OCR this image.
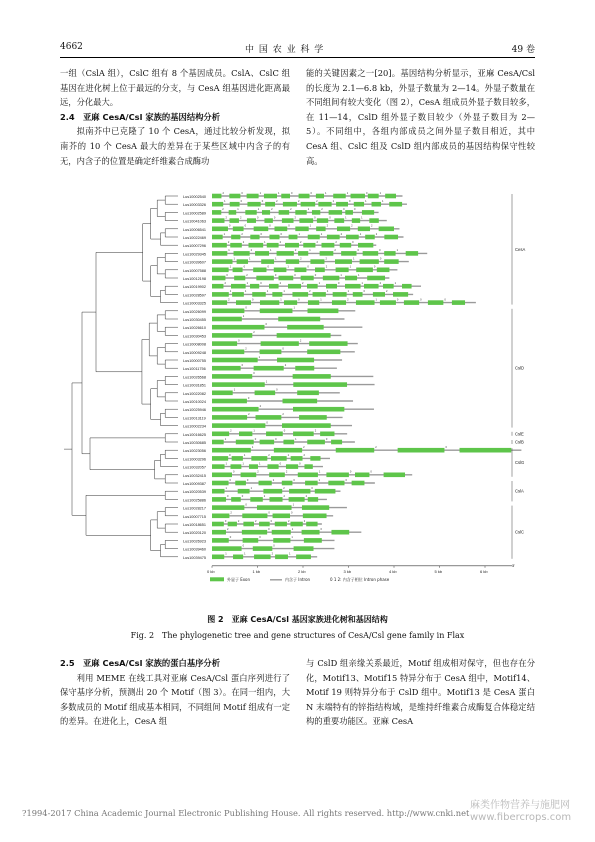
4662	中 国 农 业 科 学	49 卷

一组（CslA 组），CslC 组有 8 个基因成员。CslA、CslC 组基因在进化树上位于最远的分支，与 CesA 组基因进化距离最远，分化最大。

2.4　亚麻 CesA/Csl 家族的基因结构分析

拟南芥中已克隆了 10 个 CesA，通过比较分析发现，拟南芥的 10 个 CesA 最大的差异在于某些区域中内含子的有无，内含子的位置是确定纤维素合成酶功

能的关键因素之一[20]。基因结构分析显示，亚麻 CesA/Csl 的长度为 2.1—6.8 kb，外显子数量为 2—14。外显子数量在不同组间有较大变化（图 2），CesA 组成员外显子数目较多，在 11—14，CslD 组外显子数目较少（外显子数目为 2—5）。不同组中，各组内部成员之间外显子数目相近，其中 CesA 组、CslC 组及 CslD 组内部成员的基因结构保守性较高。

Lus10002540
2	0	1	1	0	0	1	1	0	1
Lus10003326
1	0	0	2	2	2	1	0	1	1
Lus10002589
2	1	1	2	2	1	2	0	0
Lus10041063
2	2	0	0	2	0	0	1	1
Lus10006541
0	0	0	0	1	2	2	2
Lus10022469
1	2	0	0	1	1	2	1	2
Lus10007296
2	2	1	2	2	2	2	0
Lus10029345
1	2	1	2	1	2	0	0	1
Lus10039607
1	1	1	2	2	1	0
Lus10007588
1	0	0	1	0	2	1	0
Lus10012198
0	2	0	0	0	1	1
Lus10019902
2	1	0	2	2	1	0	1	2	1
Lus10028597
1	1	1	1	2	1	1	0	2
Lus10003325
2	0	1	0	1	2	1	0	0	0
Lus10026099
0	1
Lus10030455
1
Lus10026610
0
Lus10030453
2
Lus10008008
0	2
Lus10009248
2	0
Lus10000755
1
Lus10011756
0	2
Lus10026568
0
Lus10031851
1
Lus10022082
1	0
Lus10010024
0
Lus10025946
2
Lus10013119
2	2
Lus10002234
0
Lus10016625
2	1	0	2
Lus10030685
1	0	0	1	0
Lus10023056
1	2	2	0
Lus10003296
0	1	2	1	2
Lus10032057
1	1	1	0	0
Lus10032415
0	2	2	1	0	0
Lus10009387
0	0	2	0	1	0
Lus10020539
1	1	2	0
Lus10025886
0	0	2	2	2
Lus10028217
0	1
Lus10007715
2	0	0
Lus10018651
0	2	2	0	2	2
Lus10020120
2	0	1	0
Lus10026923
0	0	1
Lus10039460
0	0
Lus10039475
1	1	2	1
CesA
CslD
CslE
CslB
CslG
CslA
CslC
0 kb	1 kb	2 kb	3 kb	4 kb	5 kb	6 kb
3'
外显子 Exon	内含子 Intron	0 1 2: 内含子相位 Intron phase
图 2　亚麻 CesA/Csl 基因家族进化树和基因结构
Fig. 2　The phylogenetic tree and gene structures of CesA/Csl gene family in Flax

2.5　亚麻 CesA/Csl 家族的蛋白基序分析

利用 MEME 在线工具对亚麻 CesA/Csl 蛋白序列进行了保守基序分析，预测出 20 个 Motif（图 3）。在同一组内，大多数成员的 Motif 组成基本相同，不同组间 Motif 组成有一定的差异。在进化上，CesA 组

与 CslD 组亲缘关系最近，Motif 组成相对保守，但也存在分化，Motif13、Motif15 特异分布于 CesA 组中，Motif14、Motif 19 则特异分布于 CslD 组中。Motif13 是 CesA 蛋白 N 末端特有的锌指结构域，是维持纤维素合成酶复合体稳定结构的重要功能区。亚麻 CesA

?1994-2017 China Academic Journal Electronic Publishing House. All rights reserved. http://www.cnki.net
麻类作物营养与施肥网
www.fibercrops.com
